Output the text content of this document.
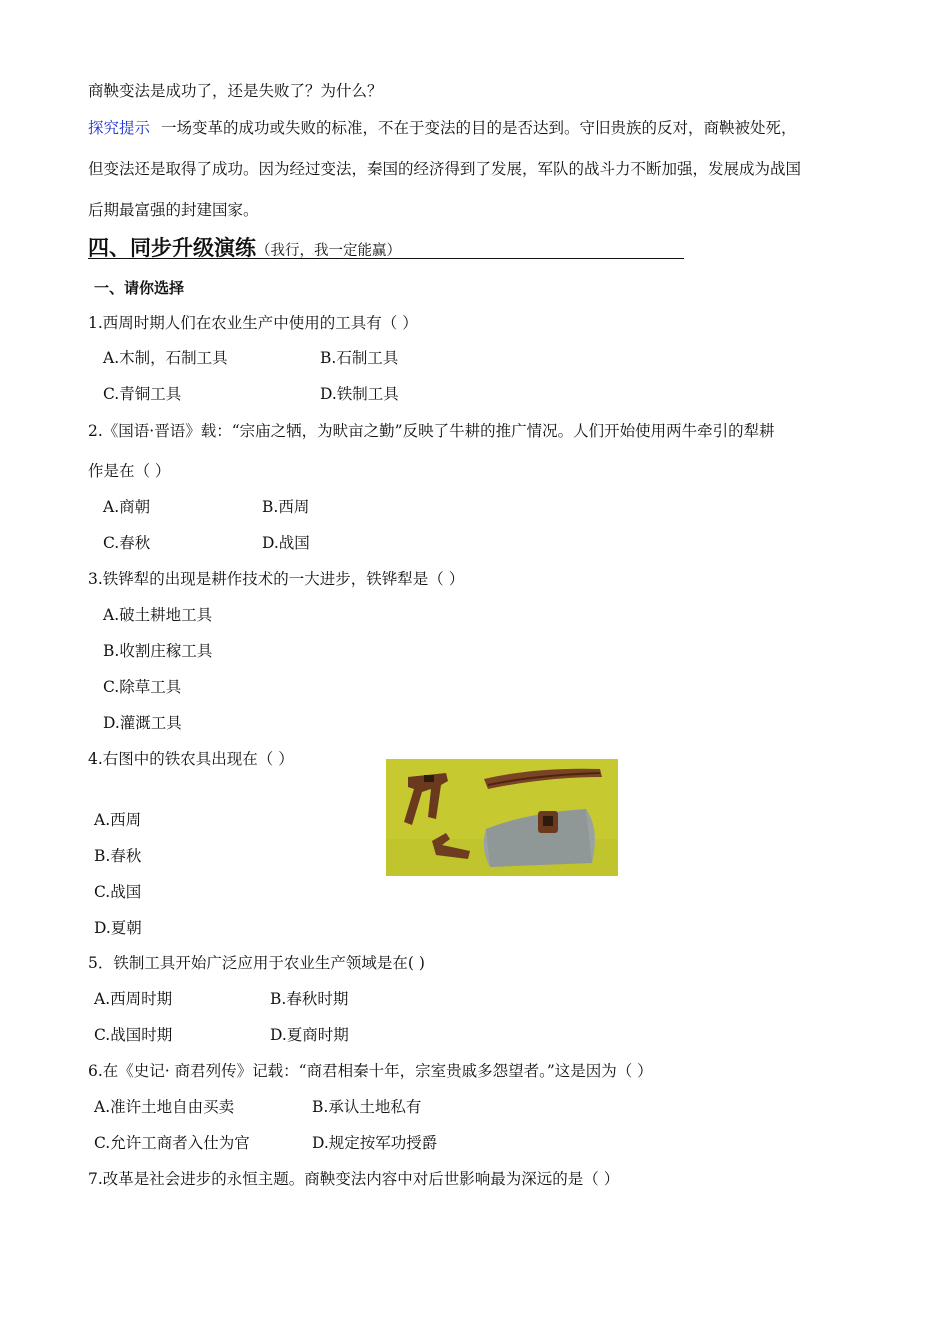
商鞅变法是成功了，还是失败了？为什么？
探究提示 一场变革的成功或失败的标准，不在于变法的目的是否达到。守旧贵族的反对，商鞅被处死，
但变法还是取得了成功。因为经过变法，秦国的经济得到了发展，军队的战斗力不断加强，发展成为战国
后期最富强的封建国家。
四、同步升级演练（我行，我一定能赢）
一、请你选择
1.西周时期人们在农业生产中使用的工具有（ ）
A.木制，石制工具	B.石制工具
C.青铜工具	D.铁制工具
2.《国语·晋语》载：“宗庙之牺，为畎亩之勤”反映了牛耕的推广情况。人们开始使用两牛牵引的犁耕
作是在（ ）
A.商朝	B.西周
C.春秋	D.战国
3.铁铧犁的出现是耕作技术的一大进步，铁铧犁是（ ）
A.破土耕地工具
B.收割庄稼工具
C.除草工具
D.灌溉工具
4.右图中的铁农具出现在（ ）
A.西周
B.春秋
C.战国
D.夏朝
5．铁制工具开始广泛应用于农业生产领域是在( )
A.西周时期	B.春秋时期
C.战国时期	D.夏商时期
6.在《史记· 商君列传》记载：“商君相秦十年，宗室贵戚多怨望者。”这是因为（ ）
A.准许土地自由买卖	B.承认土地私有
C.允许工商者入仕为官	D.规定按军功授爵
7.改革是社会进步的永恒主题。商鞅变法内容中对后世影响最为深远的是（ ）
